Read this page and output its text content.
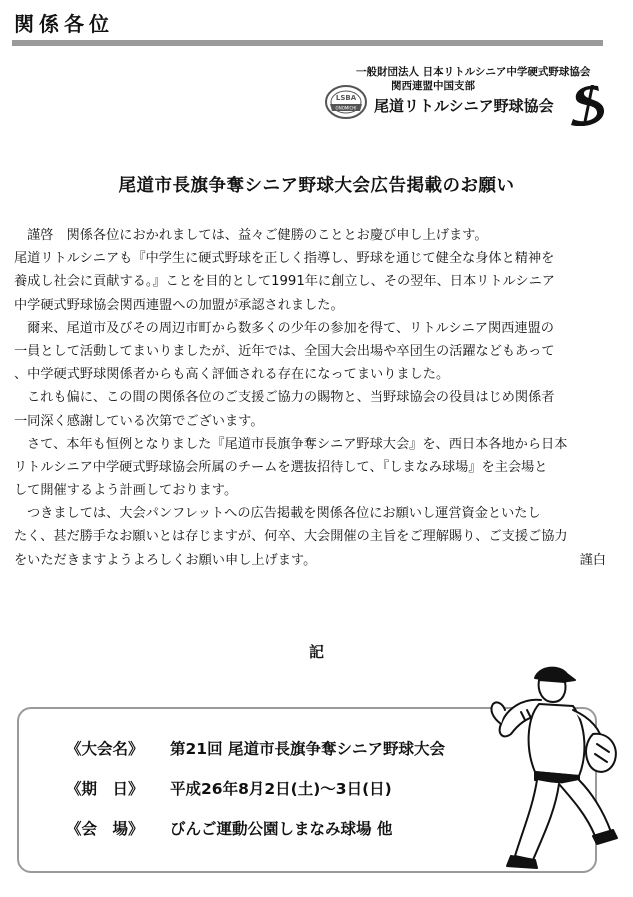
関係各位
一般財団法人 日本リトルシニア中学硬式野球協会
関西連盟中国支部
LSBA
ONOMICHI 尾道リトルシニア野球協会
尾道市長旗争奪シニア野球大会広告掲載のお願い
謹啓　関係各位におかれましては、益々ご健勝のこととお慶び申し上げます。
尾道リトルシニアも『中学生に硬式野球を正しく指導し、野球を通じて健全な身体と精神を
養成し社会に貢献する。』ことを目的として1991年に創立し、その翌年、日本リトルシニア
中学硬式野球協会関西連盟への加盟が承認されました。
爾来、尾道市及びその周辺市町から数多くの少年の参加を得て、リトルシニア関西連盟の
一員として活動してまいりましたが、近年では、全国大会出場や卒団生の活躍などもあって
、中学硬式野球関係者からも高く評価される存在になってまいりました。
これも偏に、この間の関係各位のご支援ご協力の賜物と、当野球協会の役員はじめ関係者
一同深く感謝している次第でございます。
さて、本年も恒例となりました『尾道市長旗争奪シニア野球大会』を、西日本各地から日本
リトルシニア中学硬式野球協会所属のチームを選抜招待して、『しまなみ球場』を主会場と
して開催するよう計画しております。
つきましては、大会パンフレットへの広告掲載を関係各位にお願いし運営資金といたし
たく、甚だ勝手なお願いとは存じますが、何卒、大会開催の主旨をご理解賜り、ご支援ご協力
をいただきますようよろしくお願い申し上げます。	謹白
記
《大会名》 第21回 尾道市長旗争奪シニア野球大会
《期　日》 平成26年8月2日(土)～3日(日)
《会　場》 びんご運動公園しまなみ球場 他
